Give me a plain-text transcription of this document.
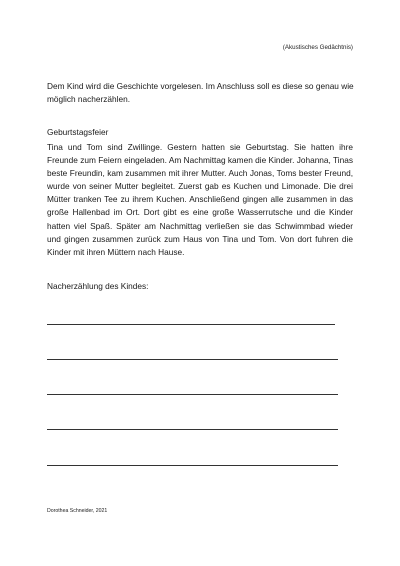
(Akustisches Gedächtnis)
Dem Kind wird die Geschichte vorgelesen. Im Anschluss soll es diese so genau wie möglich nacherzählen.
Geburtstagsfeier
Tina und Tom sind Zwillinge. Gestern hatten sie Geburtstag. Sie hatten ihre Freunde zum Feiern eingeladen. Am Nachmittag kamen die Kinder. Johanna, Tinas beste Freundin, kam zusammen mit ihrer Mutter. Auch Jonas, Toms bester Freund, wurde von seiner Mutter begleitet. Zuerst gab es Kuchen und Limonade. Die drei Mütter tranken Tee zu ihrem Kuchen. Anschließend gingen alle zusammen in das große Hallenbad im Ort. Dort gibt es eine große Wasserrutsche und die Kinder hatten viel Spaß. Später am Nachmittag verließen sie das Schwimmbad wieder und gingen zusammen zurück zum Haus von Tina und Tom. Von dort fuhren die Kinder mit ihren Müttern nach Hause.
Nacherzählung des Kindes:
Dorothea Schneider, 2021
